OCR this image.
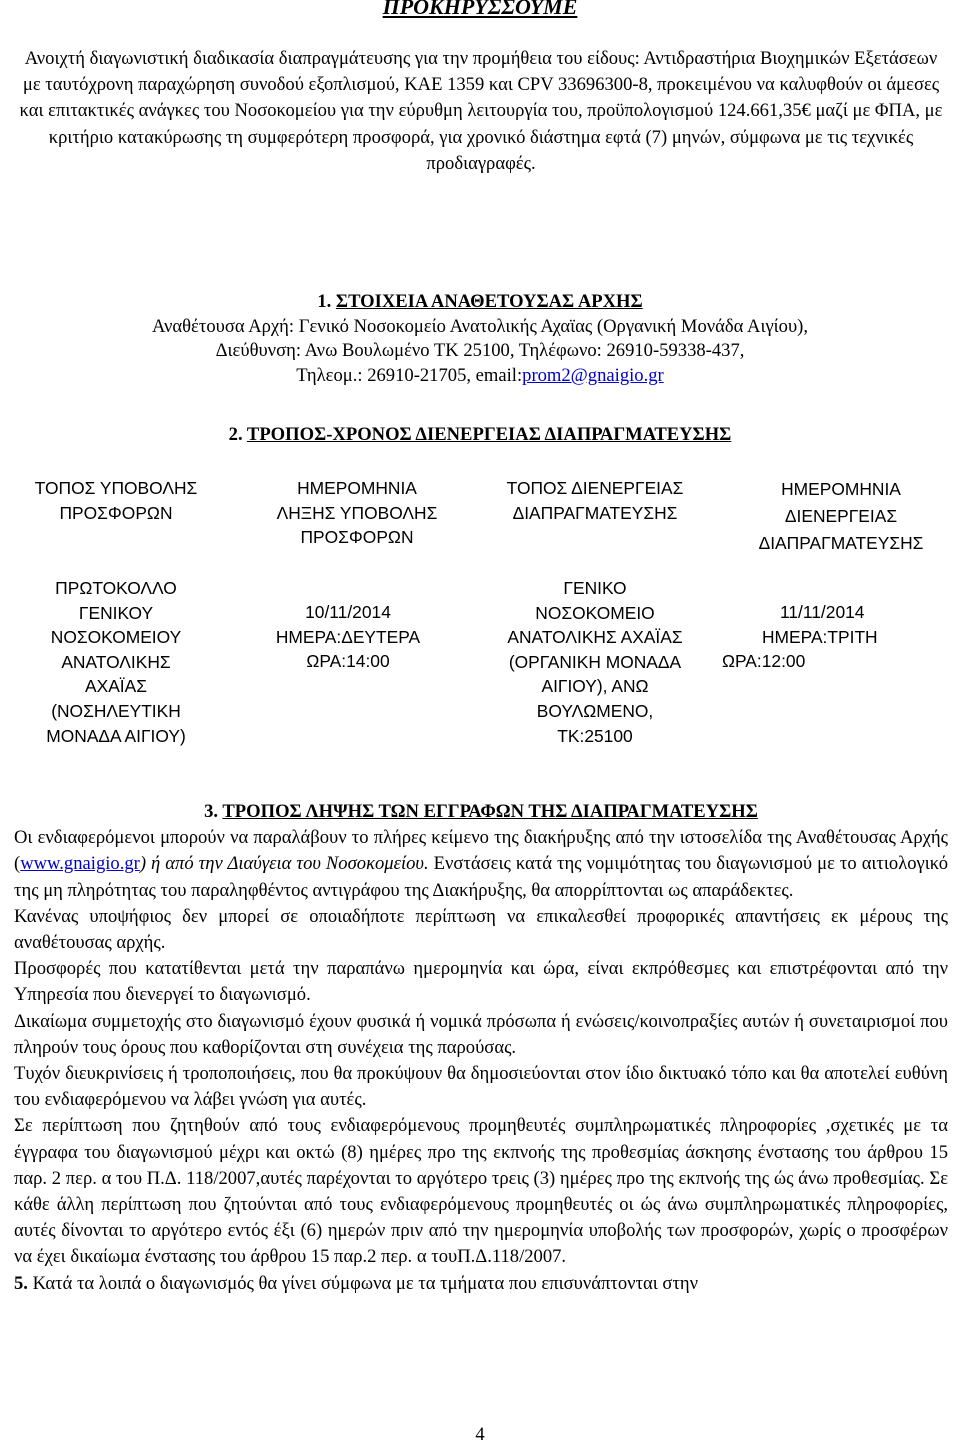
ΠΡΟΚΗΡΥΣΣΟΥΜΕ
Ανοιχτή διαγωνιστική διαδικασία διαπραγμάτευσης για την προμήθεια του είδους: Αντιδραστήρια Βιοχημικών Εξετάσεων με ταυτόχρονη παραχώρηση συνοδού εξοπλισμού, ΚΑΕ 1359 και CPV 33696300-8, προκειμένου να καλυφθούν οι άμεσες και επιτακτικές ανάγκες του Νοσοκομείου για την εύρυθμη λειτουργία του, προϋπολογισμού 124.661,35€ μαζί με ΦΠΑ, με κριτήριο κατακύρωσης τη συμφερότερη προσφορά, για χρονικό διάστημα εφτά (7) μηνών, σύμφωνα με τις τεχνικές προδιαγραφές.
1. ΣΤΟΙΧΕΙΑ ΑΝΑΘΕΤΟΥΣΑΣ ΑΡΧΗΣ
Αναθέτουσα Αρχή: Γενικό Νοσοκομείο Ανατολικής Αχαϊας (Οργανική Μονάδα Αιγίου),
Διεύθυνση: Ανω Βουλωμένο ΤΚ 25100, Τηλέφωνο: 26910-59338-437,
Τηλεομ.: 26910-21705, email:prom2@gnaigio.gr
2. ΤΡΟΠΟΣ-ΧΡΟΝΟΣ ΔΙΕΝΕΡΓΕΙΑΣ ΔΙΑΠΡΑΓΜΑΤΕΥΣΗΣ
ΤΟΠΟΣ ΥΠΟΒΟΛΗΣ
ΠΡΟΣΦΟΡΩΝ
ΗΜΕΡΟΜΗΝΙΑ
ΛΗΞΗΣ ΥΠΟΒΟΛΗΣ
ΠΡΟΣΦΟΡΩΝ
ΤΟΠΟΣ ΔΙΕΝΕΡΓΕΙΑΣ
ΔΙΑΠΡΑΓΜΑΤΕΥΣΗΣ
ΗΜΕΡΟΜΗΝΙΑ
ΔΙΕΝΕΡΓΕΙΑΣ
ΔΙΑΠΡΑΓΜΑΤΕΥΣΗΣ
ΠΡΩΤΟΚΟΛΛΟ
ΓΕΝΙΚΟΥ
ΝΟΣΟΚΟΜΕΙΟΥ
ΑΝΑΤΟΛΙΚΗΣ
ΑΧΑΪΑΣ
(ΝΟΣΗΛΕΥΤΙΚΗ
ΜΟΝΑΔΑ ΑΙΓΙΟΥ)
10/11/2014
ΗΜΕΡΑ:ΔΕΥΤΕΡΑ
ΩΡΑ:14:00
ΓΕΝΙΚΟ
ΝΟΣΟΚΟΜΕΙΟ
ΑΝΑΤΟΛΙΚΗΣ ΑΧΑΪΑΣ
(ΟΡΓΑΝΙΚΗ ΜΟΝΑΔΑ
ΑΙΓΙΟΥ), ΑΝΩ
ΒΟΥΛΩΜΕΝΟ,
ΤΚ:25100
11/11/2014
ΗΜΕΡΑ:ΤΡΙΤΗ
ΩΡΑ:12:00
3. ΤΡΟΠΟΣ ΛΗΨΗΣ ΤΩΝ ΕΓΓΡΑΦΩΝ ΤΗΣ ΔΙΑΠΡΑΓΜΑΤΕΥΣΗΣ

Οι ενδιαφερόμενοι μπορούν να παραλάβουν το πλήρες κείμενο της διακήρυξης από την ιστοσελίδα της Αναθέτουσας Αρχής (www.gnaigio.gr) ή από την Διαύγεια του Νοσοκομείου. Ενστάσεις κατά της νομιμότητας του διαγωνισμού με το αιτιολογικό της μη πληρότητας του παραληφθέντος αντιγράφου της Διακήρυξης, θα απορρίπτονται ως απαράδεκτες.

Κανένας υποψήφιος δεν μπορεί σε οποιαδήποτε περίπτωση να επικαλεσθεί προφορικές απαντήσεις εκ μέρους της αναθέτουσας αρχής.

Προσφορές που κατατίθενται μετά την παραπάνω ημερομηνία και ώρα, είναι εκπρόθεσμες και επιστρέφονται από την Υπηρεσία που διενεργεί το διαγωνισμό.

Δικαίωμα συμμετοχής στο διαγωνισμό έχουν φυσικά ή νομικά πρόσωπα ή ενώσεις/κοινοπραξίες αυτών ή συνεταιρισμοί που πληρούν τους όρους που καθορίζονται στη συνέχεια της παρούσας.

Τυχόν διευκρινίσεις ή τροποποιήσεις, που θα προκύψουν θα δημοσιεύονται στον ίδιο δικτυακό τόπο και θα αποτελεί ευθύνη του ενδιαφερόμενου να λάβει γνώση για αυτές.

Σε περίπτωση που ζητηθούν από τους ενδιαφερόμενους προμηθευτές συμπληρωματικές πληροφορίες ,σχετικές με τα έγγραφα του διαγωνισμού μέχρι και οκτώ (8) ημέρες προ της εκπνοής της προθεσμίας άσκησης ένστασης του άρθρου 15 παρ. 2 περ. α του Π.Δ. 118/2007,αυτές παρέχονται το αργότερο τρεις (3) ημέρες προ της εκπνοής της ώς άνω προθεσμίας. Σε κάθε άλλη περίπτωση που ζητούνται από τους ενδιαφερόμενους προμηθευτές οι ώς άνω συμπληρωματικές πληροφορίες, αυτές δίνονται το αργότερο εντός έξι (6) ημερών πριν από την ημερομηνία υποβολής των προσφορών, χωρίς ο προσφέρων να έχει δικαίωμα ένστασης του άρθρου 15 παρ.2 περ. α τουΠ.Δ.118/2007.

5. Κατά τα λοιπά ο διαγωνισμός θα γίνει σύμφωνα με τα τμήματα που επισυνάπτονται στην

4
